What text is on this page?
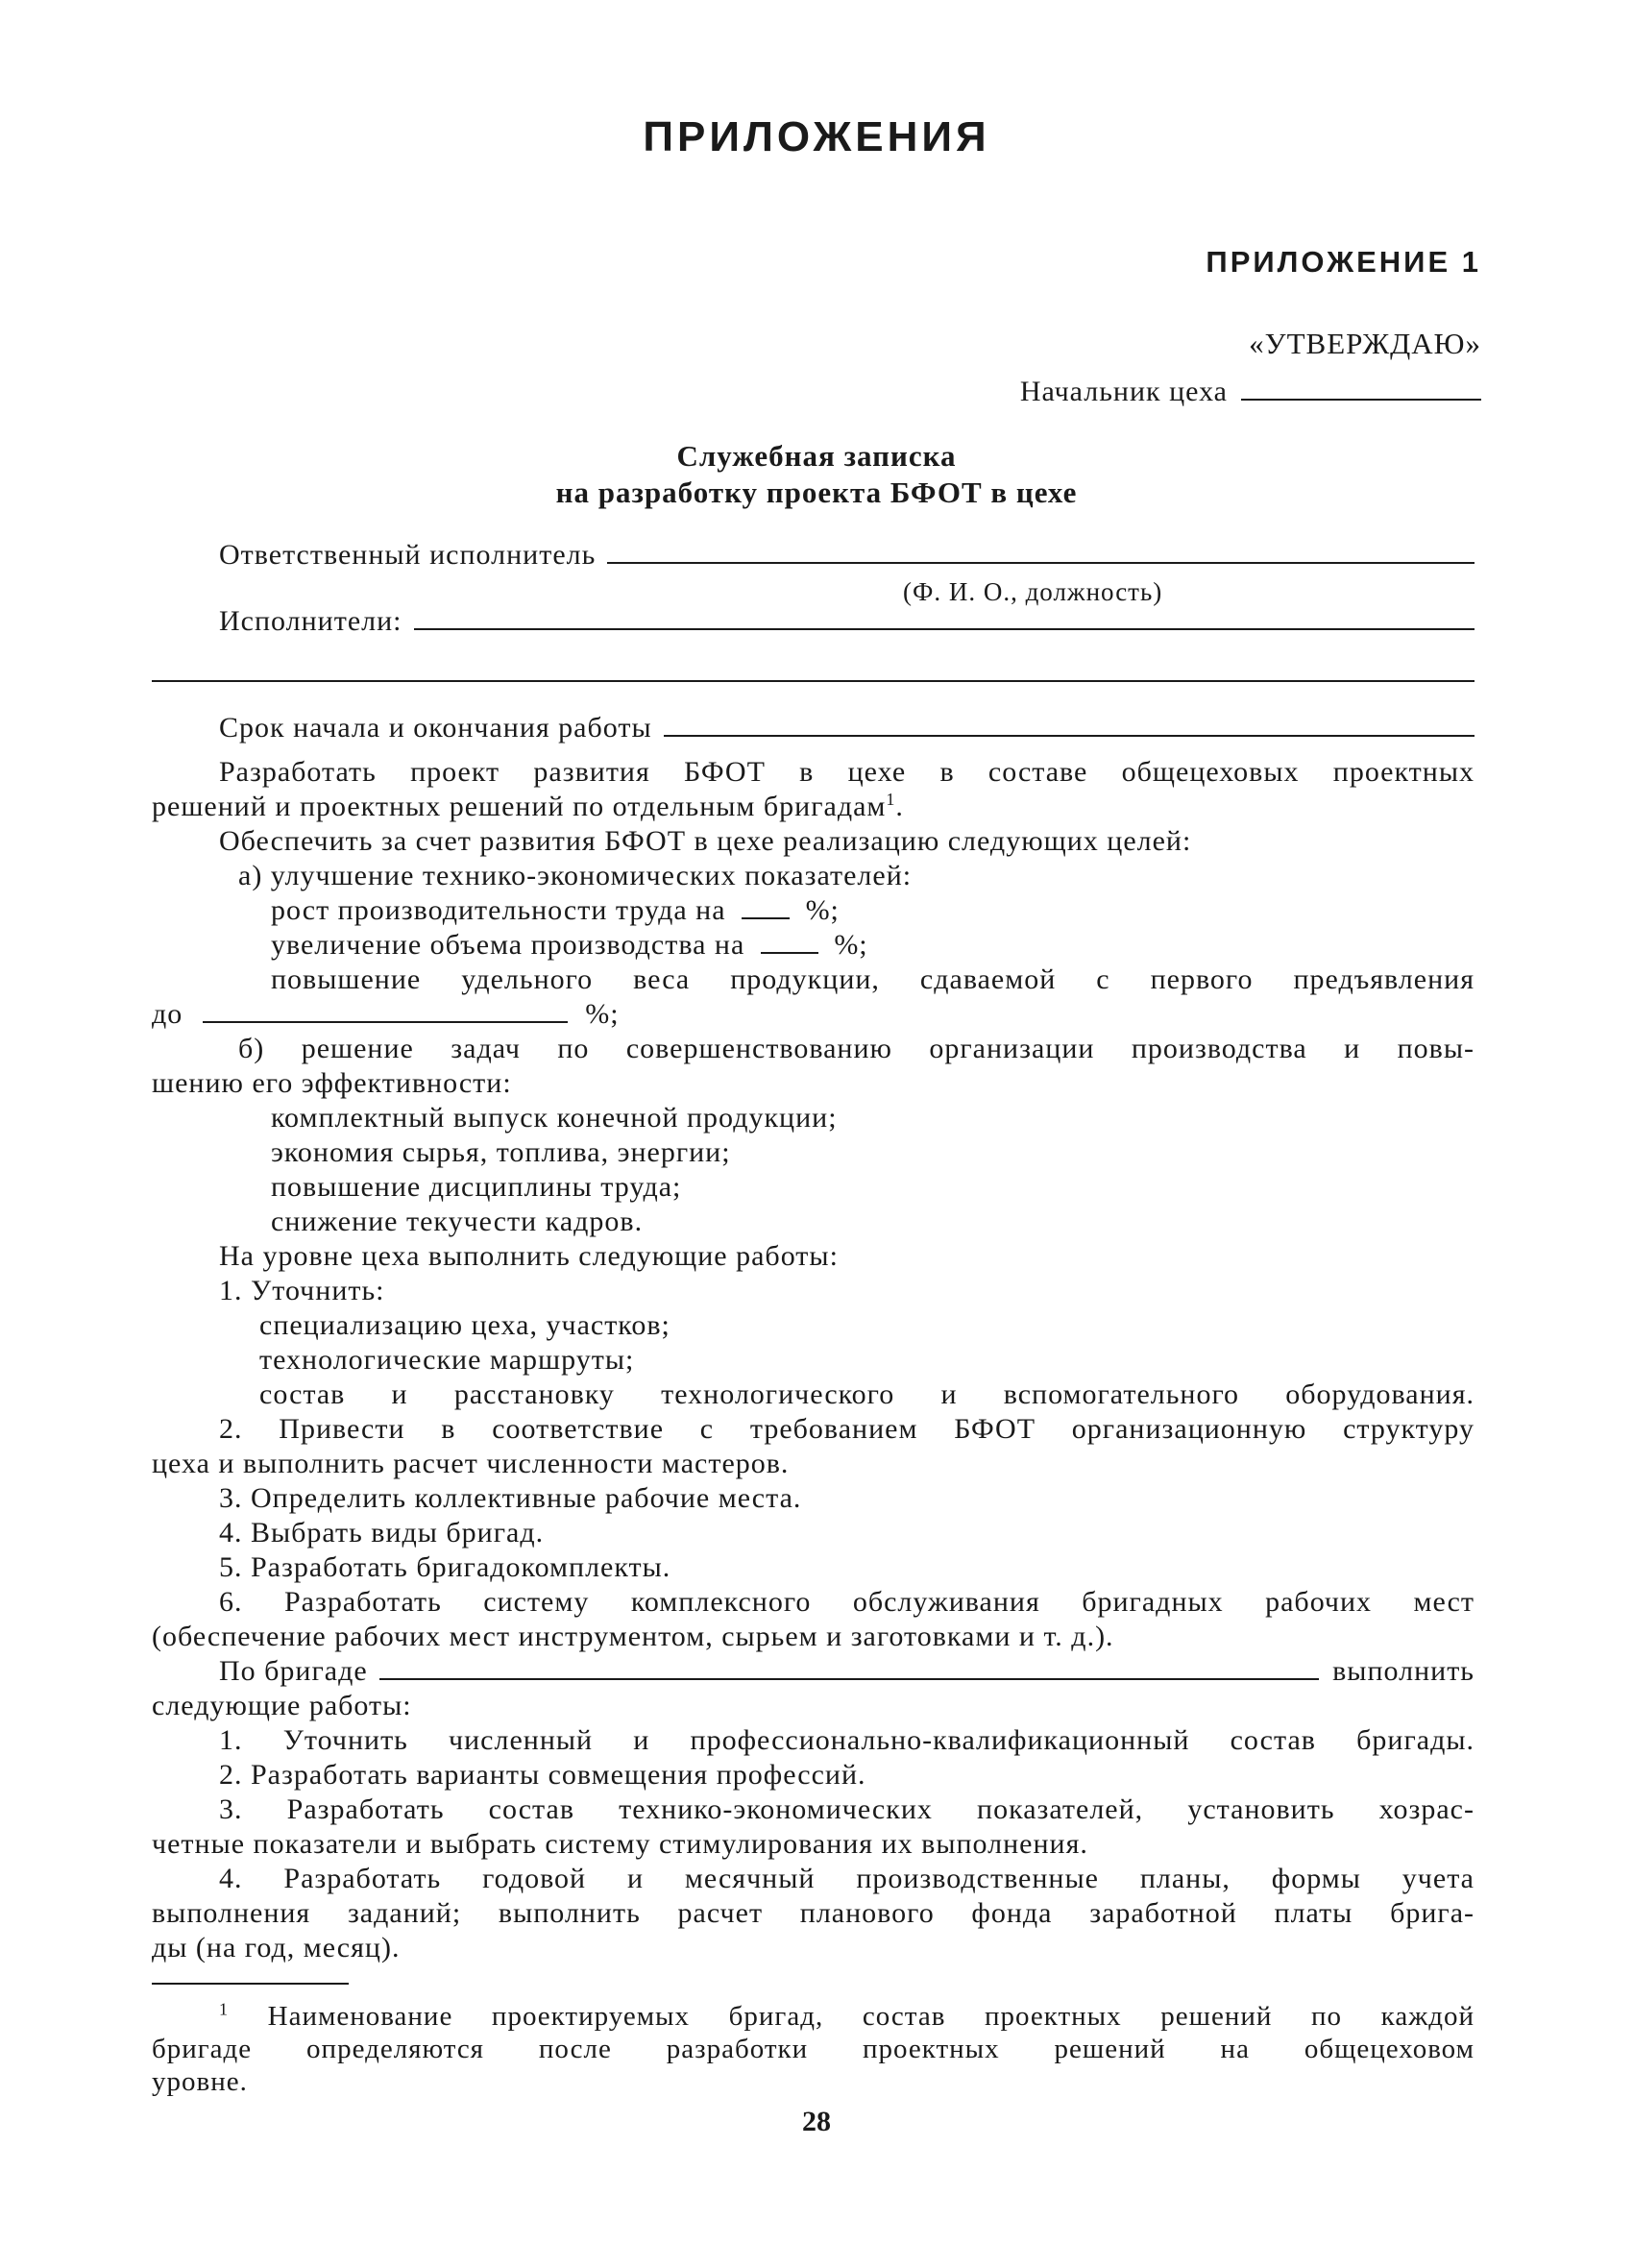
ПРИЛОЖЕНИЯ
ПРИЛОЖЕНИЕ 1
«УТВЕРЖДАЮ»
Начальник цеха
Служебная записка
на разработку проекта БФОТ в цехе
Ответственный исполнитель
(Ф. И. О., должность)
Исполнители:
Срок начала и окончания работы
Разработать проект развития БФОТ в цехе в составе общецеховых проектных
решений и проектных решений по отдельным бригадам$^1$.
Обеспечить за счет развития БФОТ в цехе реализацию следующих целей:
а) улучшение технико-экономических показателей:
рост производительности труда на	%;
увеличение объема производства на	%;
повышение удельного веса продукции, сдаваемой с первого предъявления
до	%;
б) решение задач по совершенствованию организации производства и повы-
шению его эффективности:
комплектный выпуск конечной продукции;
экономия сырья, топлива, энергии;
повышение дисциплины труда;
снижение текучести кадров.
На уровне цеха выполнить следующие работы:
1. Уточнить:
специализацию цеха, участков;
технологические маршруты;
состав и расстановку технологического и вспомогательного оборудования.
2. Привести в соответствие с требованием БФОТ организационную структуру
цеха и выполнить расчет численности мастеров.
3. Определить коллективные рабочие места.
4. Выбрать виды бригад.
5. Разработать бригадокомплекты.
6. Разработать систему комплексного обслуживания бригадных рабочих мест
(обеспечение рабочих мест инструментом, сырьем и заготовками и т. д.).
По бригаде	выполнить
следующие работы:
1. Уточнить численный и профессионально-квалификационный состав бригады.
2. Разработать варианты совмещения профессий.
3. Разработать состав технико-экономических показателей, установить хозрас-
четные показатели и выбрать систему стимулирования их выполнения.
4. Разработать годовой и месячный производственные планы, формы учета
выполнения заданий; выполнить расчет планового фонда заработной платы брига-
ды (на год, месяц).
$^1$ Наименование проектируемых бригад, состав проектных решений по каждой
бригаде определяются после разработки проектных решений на общецеховом
уровне.
28
